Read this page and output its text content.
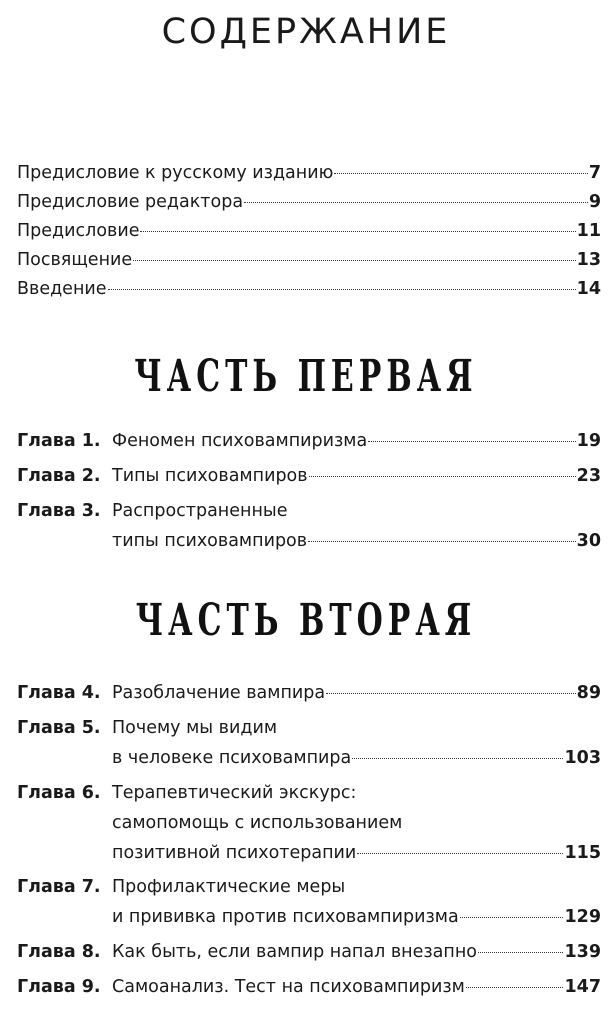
СОДЕРЖАНИЕ
Предисловие к русскому изданию	7
Предисловие редактора	9
Предисловие	11
Посвящение	13
Введение	14
ЧАСТЬ ПЕРВАЯ
Глава 1. Феномен психовампиризма	19
Глава 2. Типы психовампиров	23
Глава 3. Распространенные
типы психовампиров	30
ЧАСТЬ ВТОРАЯ
Глава 4. Разоблачение вампира	89
Глава 5. Почему мы видим
в человеке психовампира	103
Глава 6. Терапевтический экскурс:
самопомощь с использованием
позитивной психотерапии	115
Глава 7. Профилактические меры
и прививка против психовампиризма	129
Глава 8. Как быть, если вампир напал внезапно	139
Глава 9. Самоанализ. Тест на психовампиризм	147
